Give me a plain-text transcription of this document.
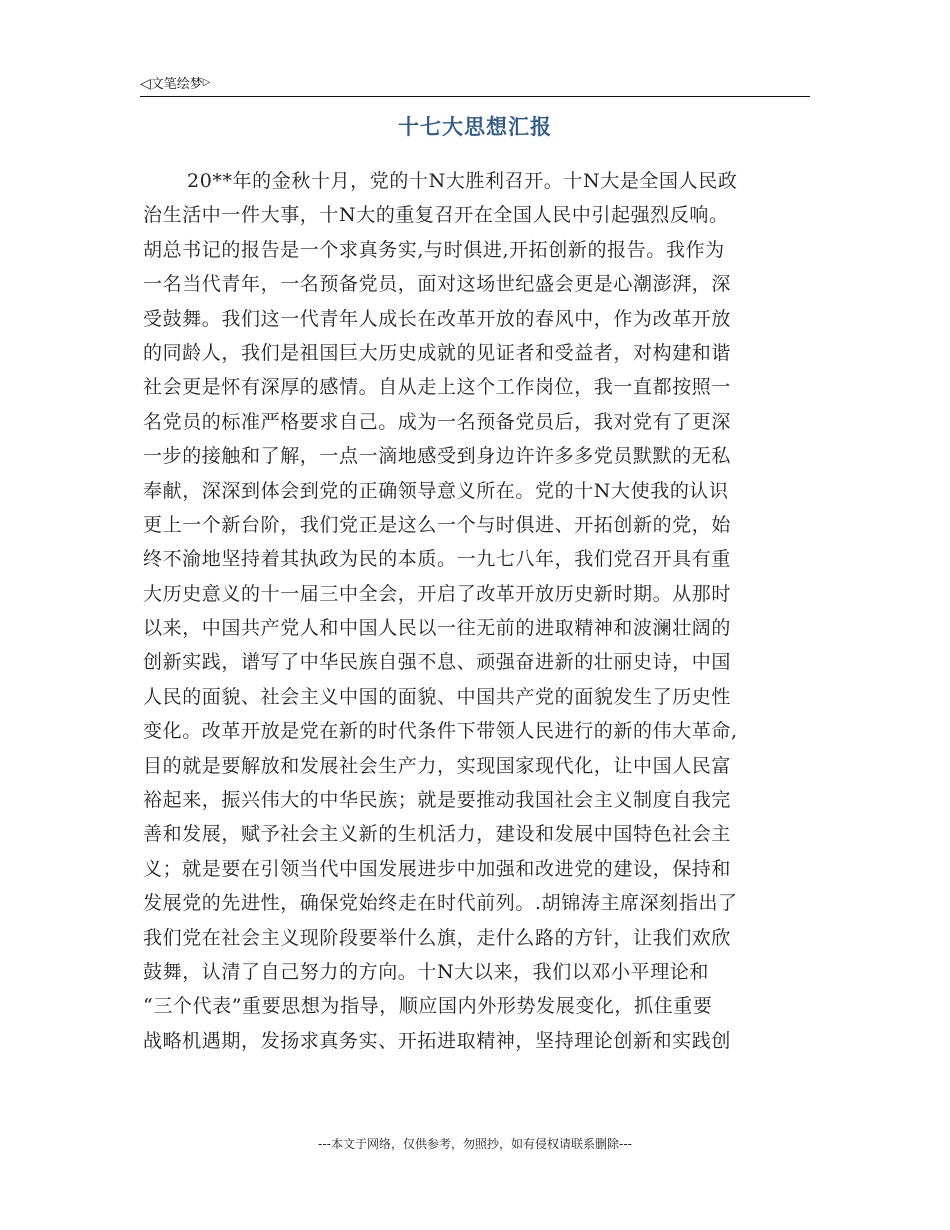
◁文笔绘梦▷
十七大思想汇报
20**年的金秋十月，党的十N大胜利召开。十N大是全国人民政
治生活中一件大事，十N大的重复召开在全国人民中引起强烈反响。
胡总书记的报告是一个求真务实,与时俱进,开拓创新的报告。我作为
一名当代青年，一名预备党员，面对这场世纪盛会更是心潮澎湃，深
受鼓舞。我们这一代青年人成长在改革开放的春风中，作为改革开放
的同龄人，我们是祖国巨大历史成就的见证者和受益者，对构建和谐
社会更是怀有深厚的感情。自从走上这个工作岗位，我一直都按照一
名党员的标准严格要求自己。成为一名预备党员后，我对党有了更深
一步的接触和了解，一点一滴地感受到身边许许多多党员默默的无私
奉献，深深到体会到党的正确领导意义所在。党的十N大使我的认识
更上一个新台阶，我们党正是这么一个与时俱进、开拓创新的党，始
终不渝地坚持着其执政为民的本质。一九七八年，我们党召开具有重
大历史意义的十一届三中全会，开启了改革开放历史新时期。从那时
以来，中国共产党人和中国人民以一往无前的进取精神和波澜壮阔的
创新实践，谱写了中华民族自强不息、顽强奋进新的壮丽史诗，中国
人民的面貌、社会主义中国的面貌、中国共产党的面貌发生了历史性
变化。改革开放是党在新的时代条件下带领人民进行的新的伟大革命,
目的就是要解放和发展社会生产力，实现国家现代化，让中国人民富
裕起来，振兴伟大的中华民族；就是要推动我国社会主义制度自我完
善和发展，赋予社会主义新的生机活力，建设和发展中国特色社会主
义；就是要在引领当代中国发展进步中加强和改进党的建设，保持和
发展党的先进性，确保党始终走在时代前列。.胡锦涛主席深刻指出了
我们党在社会主义现阶段要举什么旗，走什么路的方针，让我们欢欣
鼓舞，认清了自己努力的方向。十N大以来，我们以邓小平理论和
“三个代表”重要思想为指导，顺应国内外形势发展变化，抓住重要
战略机遇期，发扬求真务实、开拓进取精神，坚持理论创新和实践创
---本文于网络，仅供参考，勿照抄，如有侵权请联系删除---
